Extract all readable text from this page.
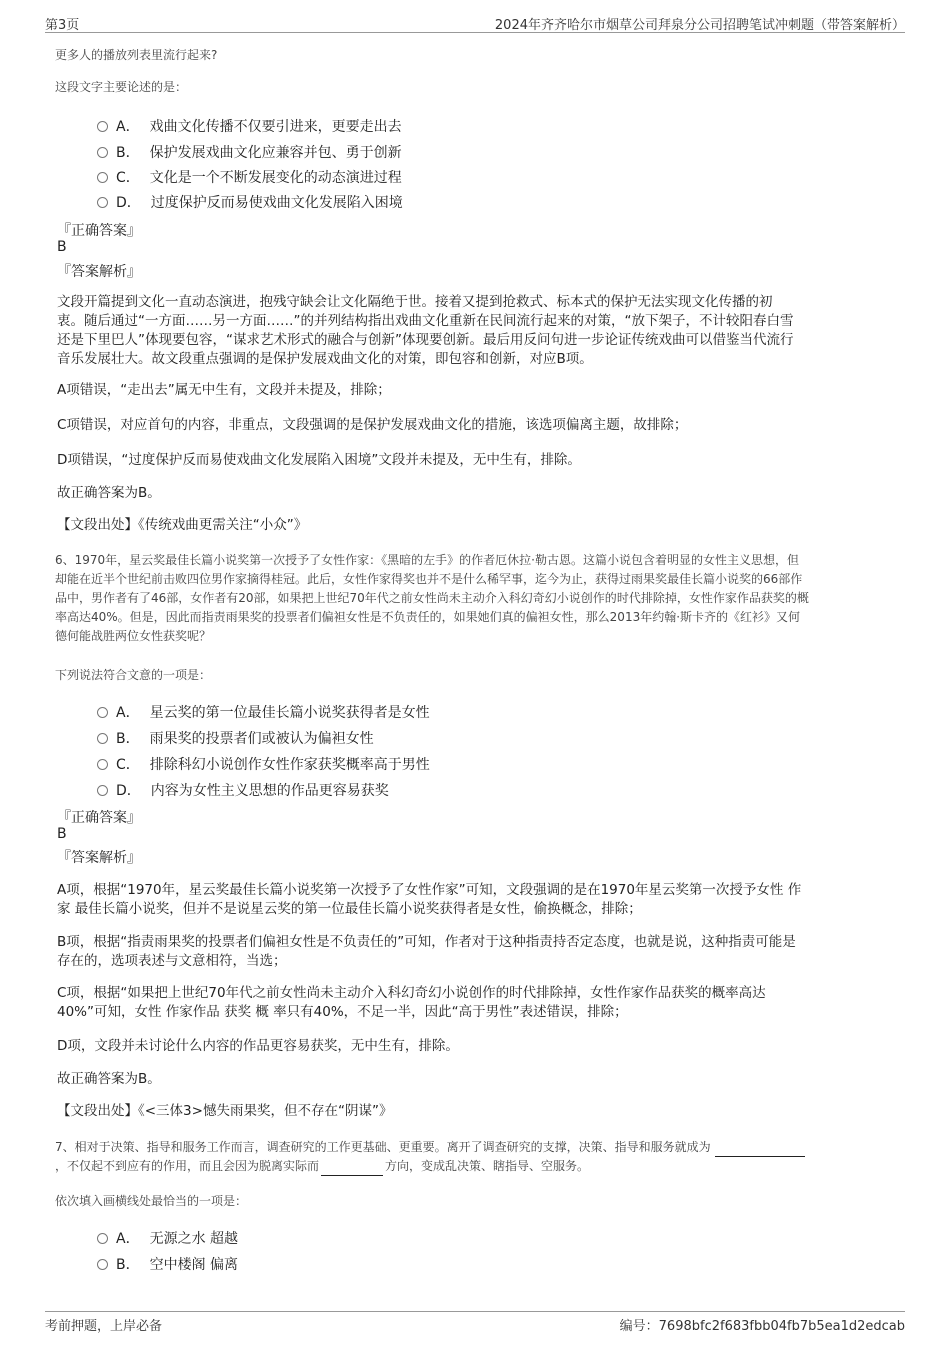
第3页	2024年齐齐哈尔市烟草公司拜泉分公司招聘笔试冲刺题（带答案解析）
更多人的播放列表里流行起来?
这段文字主要论述的是：
A． 戏曲文化传播不仅要引进来，更要走出去
B． 保护发展戏曲文化应兼容并包、勇于创新
C． 文化是一个不断发展变化的动态演进过程
D． 过度保护反而易使戏曲文化发展陷入困境
『正确答案』
B
『答案解析』
文段开篇提到文化一直动态演进，抱残守缺会让文化隔绝于世。接着又提到抢救式、标本式的保护无法实现文化传播的初
衷。随后通过“一方面……另一方面……”的并列结构指出戏曲文化重新在民间流行起来的对策，“放下架子，不计较阳春白雪
还是下里巴人”体现要包容，“谋求艺术形式的融合与创新”体现要创新。最后用反问句进一步论证传统戏曲可以借鉴当代流行
音乐发展壮大。故文段重点强调的是保护发展戏曲文化的对策，即包容和创新，对应B项。
A项错误，“走出去”属无中生有，文段并未提及，排除；
C项错误，对应首句的内容，非重点，文段强调的是保护发展戏曲文化的措施，该选项偏离主题，故排除；
D项错误，“过度保护反而易使戏曲文化发展陷入困境”文段并未提及，无中生有，排除。
故正确答案为B。
【文段出处】《传统戏曲更需关注“小众”》
6、1970年，星云奖最佳长篇小说奖第一次授予了女性作家：《黑暗的左手》的作者厄休拉·勒古恩。这篇小说包含着明显的女性主义思想，但
却能在近半个世纪前击败四位男作家摘得桂冠。此后，女性作家得奖也并不是什么稀罕事，迄今为止，获得过雨果奖最佳长篇小说奖的66部作
品中，男作者有了46部，女作者有20部，如果把上世纪70年代之前女性尚未主动介入科幻奇幻小说创作的时代排除掉，女性作家作品获奖的概
率高达40%。但是，因此而指责雨果奖的投票者们偏袒女性是不负责任的，如果她们真的偏袒女性，那么2013年约翰·斯卡齐的《红衫》又何
德何能战胜两位女性获奖呢？
下列说法符合文意的一项是：
A． 星云奖的第一位最佳长篇小说奖获得者是女性
B． 雨果奖的投票者们或被认为偏袒女性
C． 排除科幻小说创作女性作家获奖概率高于男性
D． 内容为女性主义思想的作品更容易获奖
『正确答案』
B
『答案解析』
A项，根据“1970年，星云奖最佳长篇小说奖第一次授予了女性作家”可知，文段强调的是在1970年星云奖第一次授予女性 作
家 最佳长篇小说奖，但并不是说星云奖的第一位最佳长篇小说奖获得者是女性，偷换概念，排除；
B项，根据“指责雨果奖的投票者们偏袒女性是不负责任的”可知，作者对于这种指责持否定态度，也就是说，这种指责可能是
存在的，选项表述与文意相符，当选；
C项，根据“如果把上世纪70年代之前女性尚未主动介入科幻奇幻小说创作的时代排除掉，女性作家作品获奖的概率高达
40%”可知，女性 作家作品 获奖 概 率只有40%，不足一半，因此“高于男性”表述错误，排除；
D项，文段并未讨论什么内容的作品更容易获奖，无中生有，排除。
故正确答案为B。
【文段出处】《<三体3>憾失雨果奖，但不存在“阴谋”》
7、相对于决策、指导和服务工作而言，调查研究的工作更基础、更重要。离开了调查研究的支撑，决策、指导和服务就成为
，不仅起不到应有的作用，而且会因为脱离实际而	方向，变成乱决策、瞎指导、空服务。
依次填入画横线处最恰当的一项是：
A． 无源之水 超越
B． 空中楼阁 偏离
考前押题，上岸必备	编号：7698bfc2f683fbb04fb7b5ea1d2edcab
